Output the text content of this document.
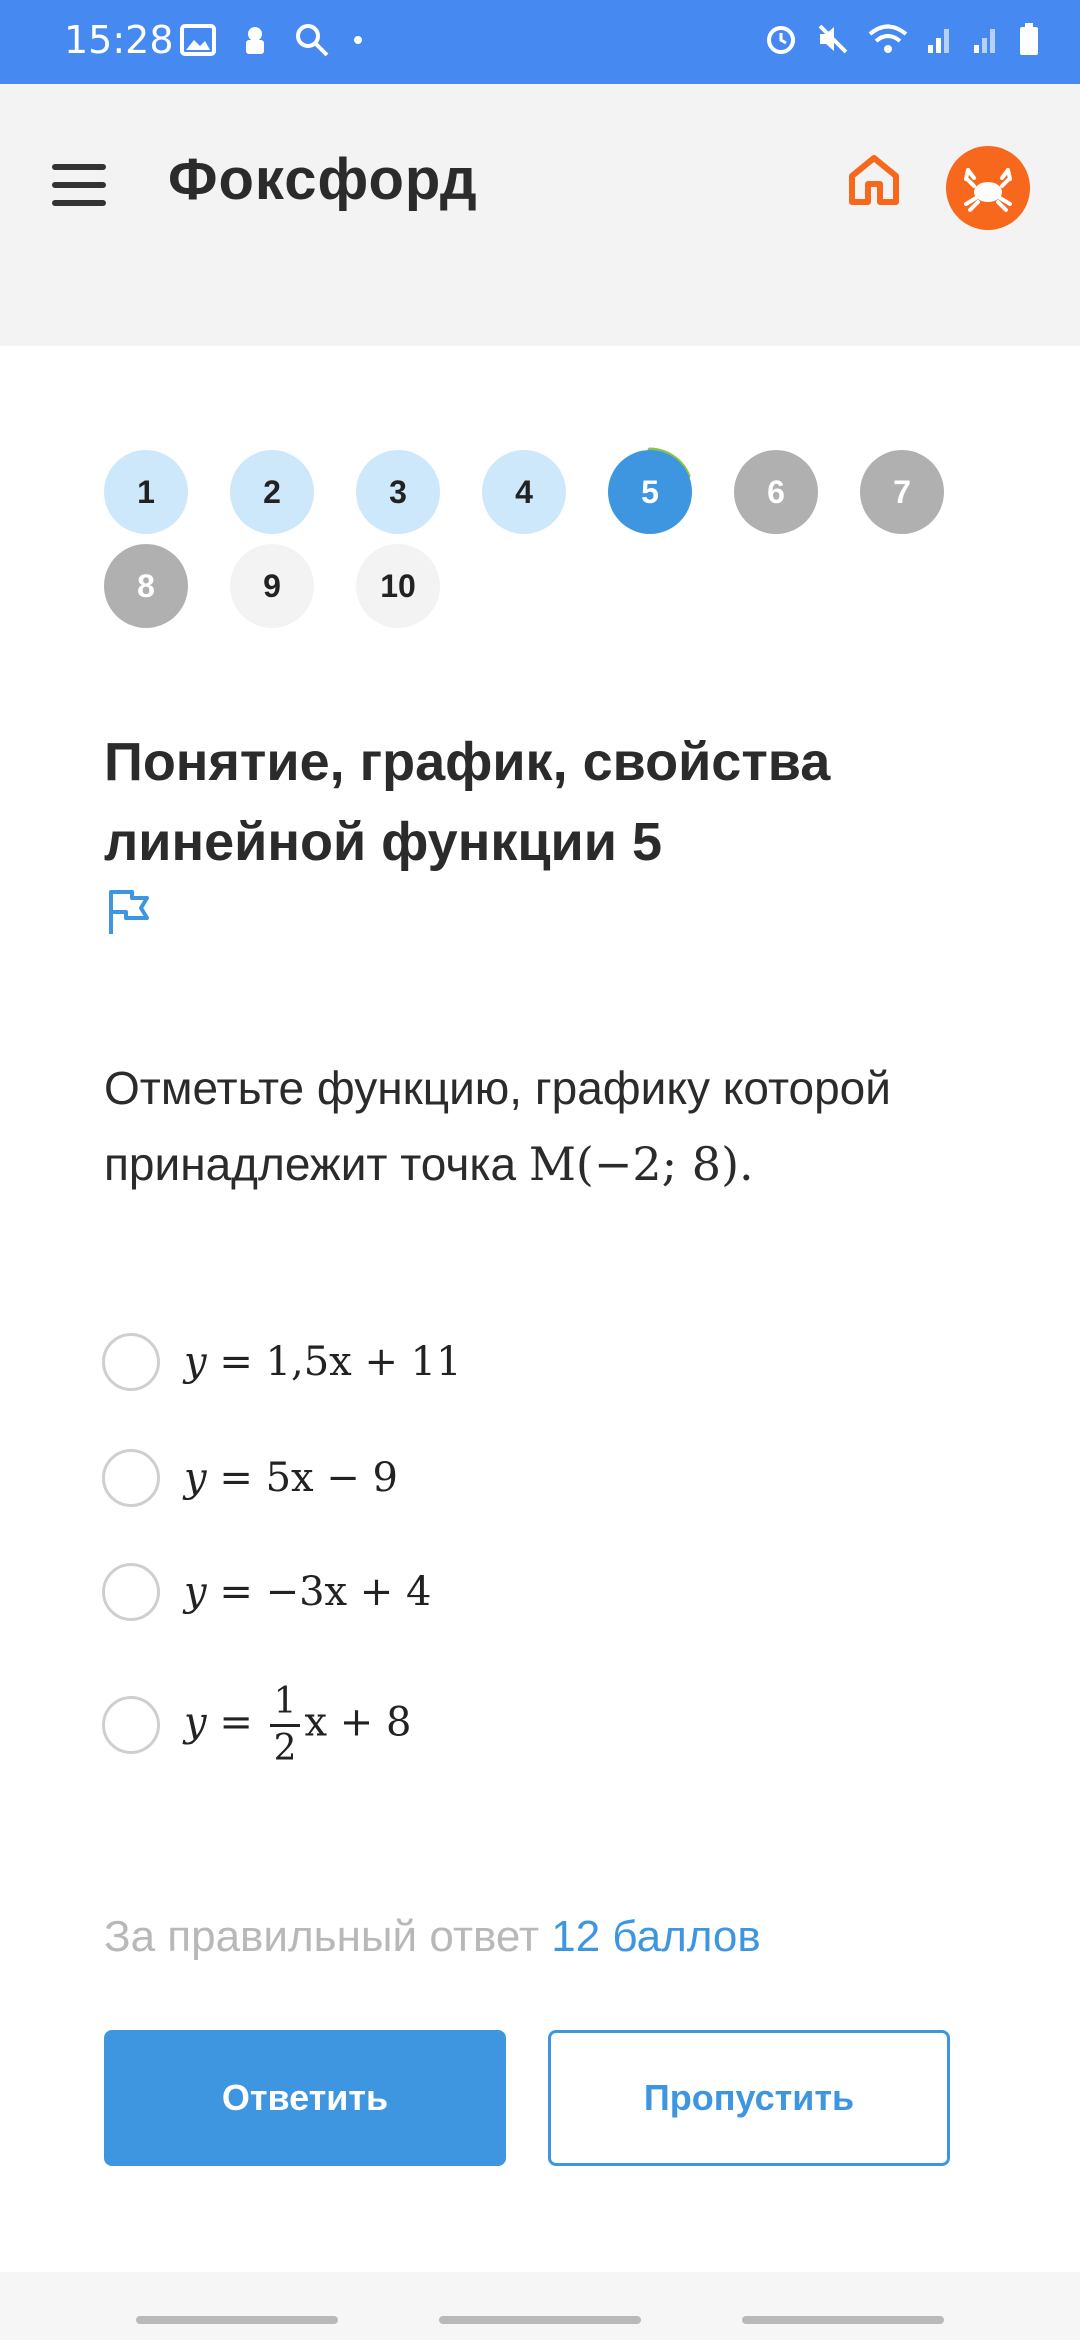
15:28
Фоксфорд
1	2	3	4	5	6	7
8	9	10
Понятие, график, свойства линейной функции 5
Отметьте функцию, графику которой принадлежит точка M(−2; 8).
y = 1,5x + 11
y = 5x − 9
y = −3x + 4
$y = \frac{1}{2}$ x + 8
За правильный ответ 12 баллов
Ответить	Пропустить
